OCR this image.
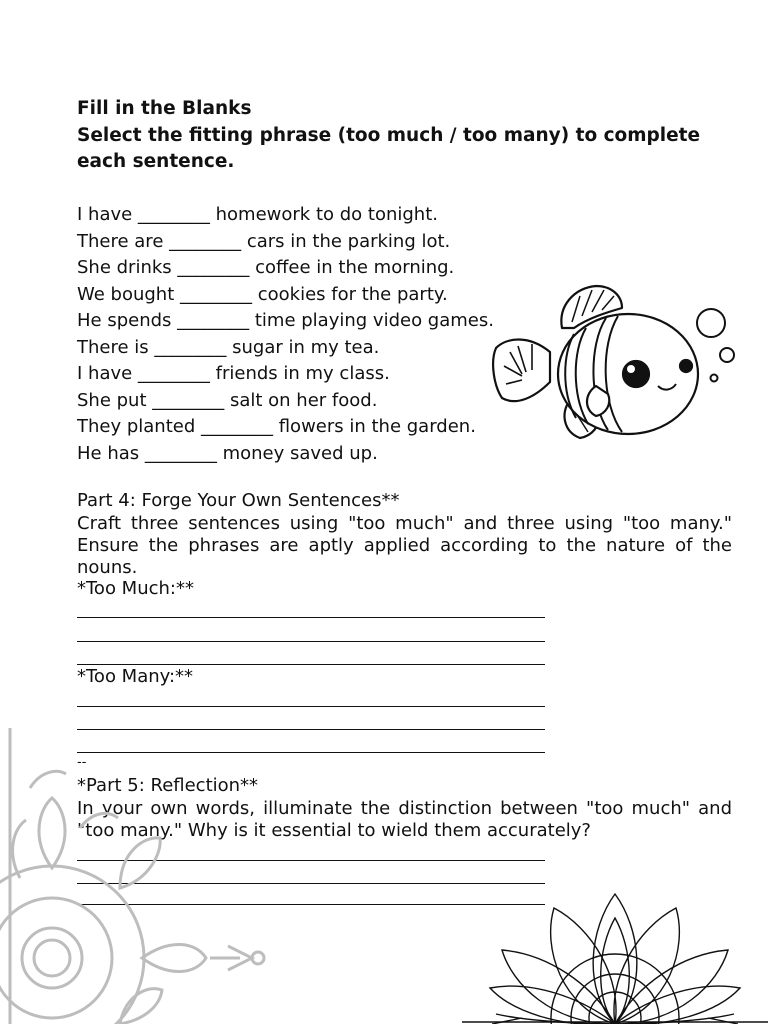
Fill in the Blanks
Select the fitting phrase (too much / too many) to complete each sentence.
I have ________ homework to do tonight.
There are ________ cars in the parking lot.
She drinks ________ coffee in the morning.
We bought ________ cookies for the party.
He spends ________ time playing video games.
There is ________ sugar in my tea.
I have ________ friends in my class.
She put ________ salt on her food.
They planted ________ flowers in the garden.
He has ________ money saved up.
Part 4: Forge Your Own Sentences**
Craft three sentences using "too much" and three using "too many." Ensure the phrases are aptly applied according to the nature of the nouns.
*Too Much:**
*Too Many:**
--
*Part 5: Reflection**
In your own words, illuminate the distinction between "too much" and "too many." Why is it essential to wield them accurately?
